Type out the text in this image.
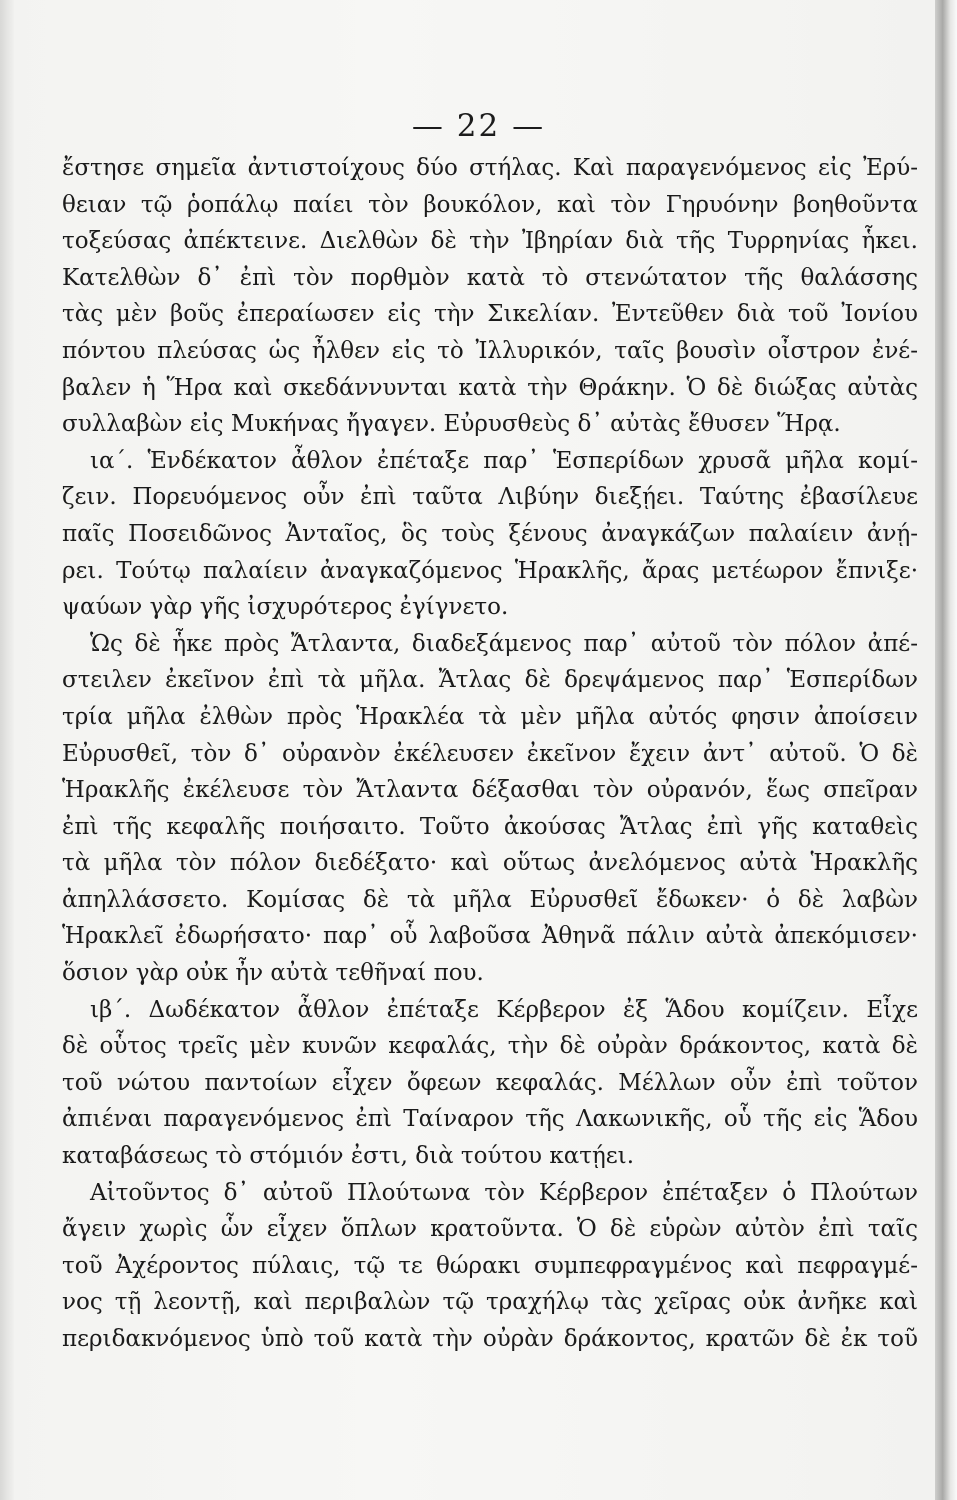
— 22 —
ἔστησε σημεῖα ἀντιστοίχους δύο στήλας. Καὶ παραγενόμενος εἰς Ἐρύ-
θειαν τῷ ῥοπάλῳ παίει τὸν βουκόλον, καὶ τὸν Γηρυόνην βοηθοῦντα
τοξεύσας ἀπέκτεινε. Διελθὼν δὲ τὴν Ἰβηρίαν διὰ τῆς Τυρρηνίας ἧκει.
Κατελθὼν δ᾽ ἐπὶ τὸν πορθμὸν κατὰ τὸ στενώτατον τῆς θαλάσσης
τὰς μὲν βοῦς ἐπεραίωσεν εἰς τὴν Σικελίαν. Ἐντεῦθεν διὰ τοῦ Ἰονίου
πόντου πλεύσας ὡς ἦλθεν εἰς τὸ Ἰλλυρικόν, ταῖς βουσὶν οἶστρον ἐνέ-
βαλεν ἡ Ἥρα καὶ σκεδάννυνται κατὰ τὴν Θράκην. Ὁ δὲ διώξας αὐτὰς
συλλαβὼν εἰς Μυκήνας ἤγαγεν. Εὐρυσθεὺς δ᾽ αὐτὰς ἔθυσεν Ἥρᾳ.
ια΄. Ἑνδέκατον ἆθλον ἐπέταξε παρ᾽ Ἑσπερίδων χρυσᾶ μῆλα κομί-
ζειν. Πορευόμενος οὖν ἐπὶ ταῦτα Λιβύην διεξῄει. Ταύτης ἐβασίλευε
παῖς Ποσειδῶνος Ἀνταῖος, ὃς τοὺς ξένους ἀναγκάζων παλαίειν ἀνῄ-
ρει. Τούτῳ παλαίειν ἀναγκαζόμενος Ἡρακλῆς, ἄρας μετέωρον ἔπνιξε·
ψαύων γὰρ γῆς ἰσχυρότερος ἐγίγνετο.
Ὡς δὲ ἧκε πρὸς Ἄτλαντα, διαδεξάμενος παρ᾽ αὐτοῦ τὸν πόλον ἀπέ-
στειλεν ἐκεῖνον ἐπὶ τὰ μῆλα. Ἄτλας δὲ δρεψάμενος παρ᾽ Ἑσπερίδων
τρία μῆλα ἐλθὼν πρὸς Ἡρακλέα τὰ μὲν μῆλα αὐτός φησιν ἀποίσειν
Εὐρυσθεῖ, τὸν δ᾽ οὐρανὸν ἐκέλευσεν ἐκεῖνον ἔχειν ἀντ᾽ αὐτοῦ. Ὁ δὲ
Ἡρακλῆς ἐκέλευσε τὸν Ἄτλαντα δέξασθαι τὸν οὐρανόν, ἕως σπεῖραν
ἐπὶ τῆς κεφαλῆς ποιήσαιτο. Τοῦτο ἀκούσας Ἄτλας ἐπὶ γῆς καταθεὶς
τὰ μῆλα τὸν πόλον διεδέξατο· καὶ οὕτως ἀνελόμενος αὐτὰ Ἡρακλῆς
ἀπηλλάσσετο. Κομίσας δὲ τὰ μῆλα Εὐρυσθεῖ ἔδωκεν· ὁ δὲ λαβὼν
Ἡρακλεῖ ἐδωρήσατο· παρ᾽ οὗ λαβοῦσα Ἀθηνᾶ πάλιν αὐτὰ ἀπεκόμισεν·
ὅσιον γὰρ οὐκ ἦν αὐτὰ τεθῆναί που.
ιβ΄. Δωδέκατον ἆθλον ἐπέταξε Κέρβερον ἐξ Ἅδου κομίζειν. Εἶχε
δὲ οὗτος τρεῖς μὲν κυνῶν κεφαλάς, τὴν δὲ οὐρὰν δράκοντος, κατὰ δὲ
τοῦ νώτου παντοίων εἶχεν ὄφεων κεφαλάς. Μέλλων οὖν ἐπὶ τοῦτον
ἀπιέναι παραγενόμενος ἐπὶ Ταίναρον τῆς Λακωνικῆς, οὗ τῆς εἰς Ἅδου
καταβάσεως τὸ στόμιόν ἐστι, διὰ τούτου κατῄει.
Αἰτοῦντος δ᾽ αὐτοῦ Πλούτωνα τὸν Κέρβερον ἐπέταξεν ὁ Πλούτων
ἄγειν χωρὶς ὧν εἶχεν ὅπλων κρατοῦντα. Ὁ δὲ εὑρὼν αὐτὸν ἐπὶ ταῖς
τοῦ Ἀχέροντος πύλαις, τῷ τε θώρακι συμπεφραγμένος καὶ πεφραγμέ-
νος τῇ λεοντῇ, καὶ περιβαλὼν τῷ τραχήλῳ τὰς χεῖρας οὐκ ἀνῆκε καὶ
περιδακνόμενος ὑπὸ τοῦ κατὰ τὴν οὐρὰν δράκοντος, κρατῶν δὲ ἐκ τοῦ
